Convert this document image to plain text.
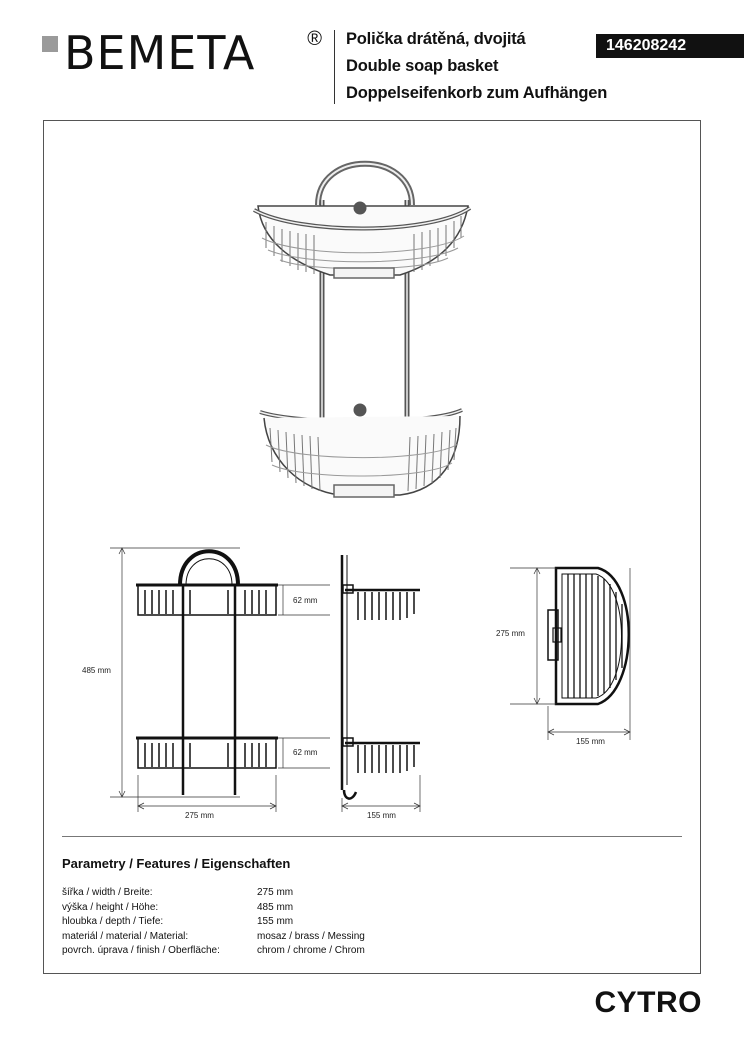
BEMETA	® Polička drátěná, dvojitá
Double soap basket
Doppelseifenkorb zum Aufhängen
146208242
62 mm
62 mm
485 mm
275 mm	155 mm
275 mm
155 mm
Parametry / Features / Eigenschaften
šířka / width / Breite:	275 mm
výška / height / Höhe:	485 mm
hloubka / depth / Tiefe:	155 mm
materiál / material / Material:	mosaz / brass / Messing
povrch. úprava / finish / Oberfläche:	chrom / chrome / Chrom
CYTRO
